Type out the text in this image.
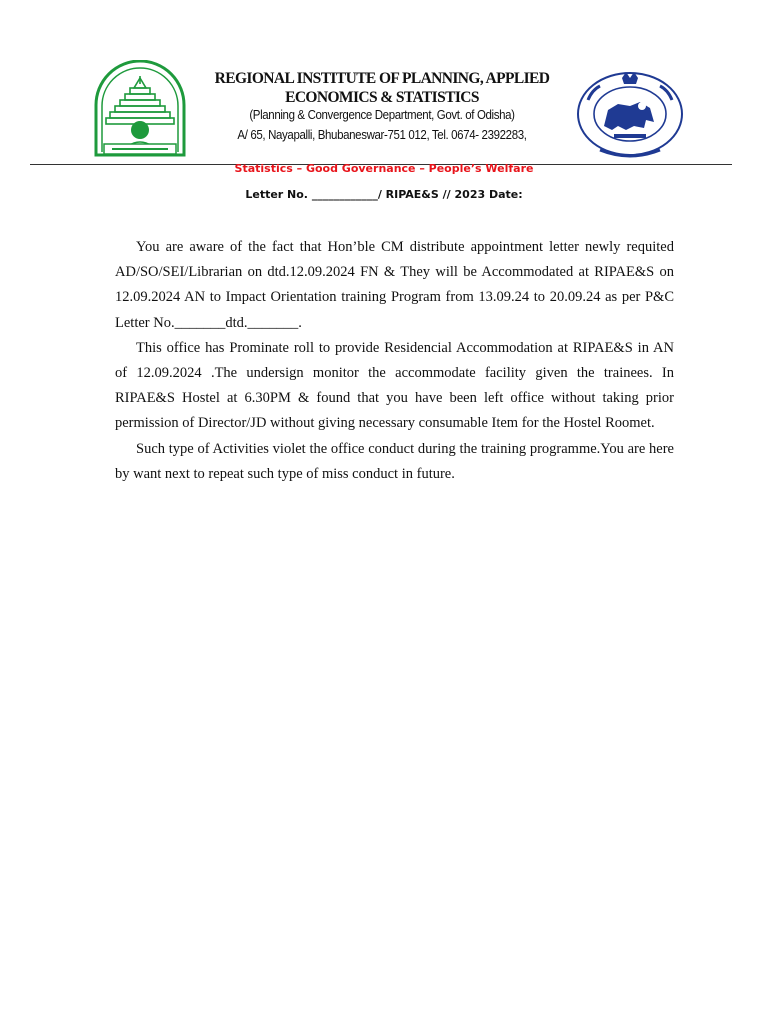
REGIONAL INSTITUTE OF PLANNING, APPLIED
ECONOMICS & STATISTICS
(Planning & Convergence Department, Govt. of Odisha)
A/ 65, Nayapalli, Bhubaneswar-751 012, Tel. 0674- 2392283,
Statistics – Good Governance – People’s Welfare
Letter No. ____________/ RIPAE&S // 2023 Date:

You are aware of the fact that Hon’ble CM distribute appointment letter newly requited AD/SO/SEI/Librarian on dtd.12.09.2024 FN & They will be Accommodated at RIPAE&S on 12.09.2024 AN to Impact Orientation training Program from 13.09.24 to 20.09.24 as per P&C Letter No._______dtd._______.

This office has Prominate roll to provide Residencial Accommodation at RIPAE&S in AN of 12.09.2024 .The undersign monitor the accommodate facility given the trainees. In RIPAE&S Hostel at 6.30PM & found that you have been left office without taking prior permission of Director/JD without giving necessary consumable Item for the Hostel Roomet.

Such type of Activities violet the office conduct during the training programme.You are here by want next to repeat such type of miss conduct in future.
